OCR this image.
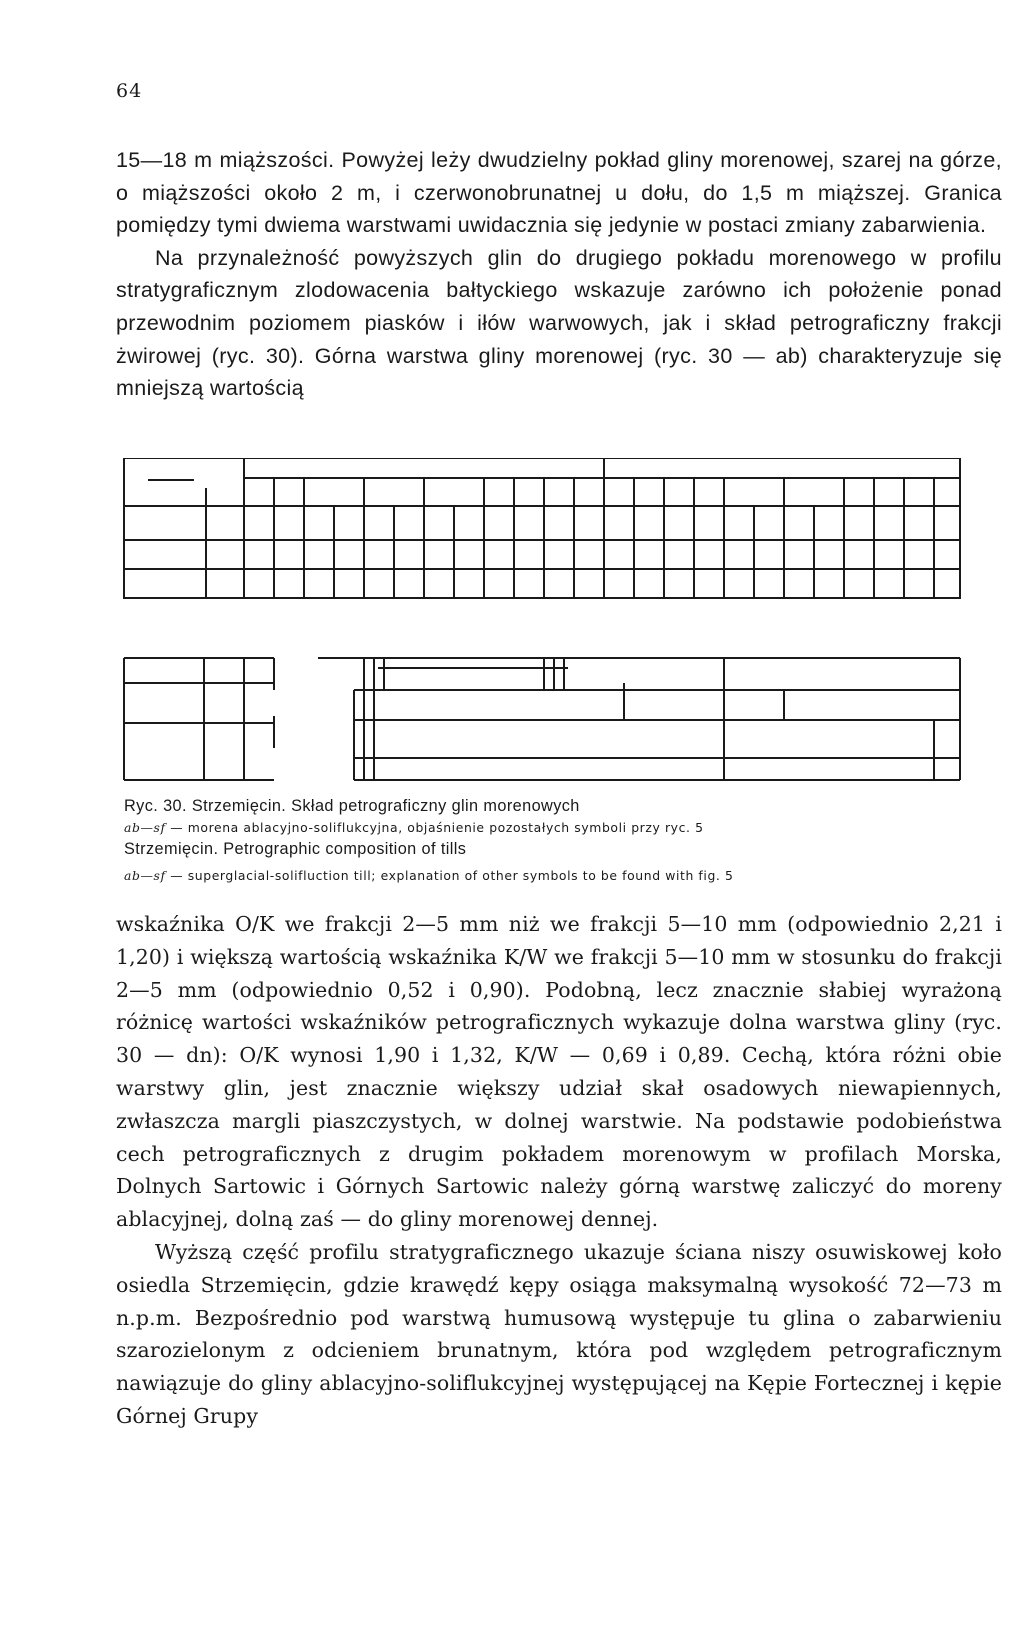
64

15—18 m miąższości. Powyżej leży dwudzielny pokład gliny morenowej, szarej na górze, o miąższości około 2 m, i czerwonobrunatnej u dołu, do 1,5 m miąższej. Granica pomiędzy tymi dwiema warstwami uwidacznia się jedynie w postaci zmiany zabarwienia.

Na przynależność powyższych glin do drugiego pokładu morenowego w profilu stratygraficznym zlodowacenia bałtyckiego wskazuje zarówno ich położenie ponad przewodnim poziomem piasków i iłów warwowych, jak i skład petrograficzny frakcji żwirowej (ryc. 30). Górna warstwa gliny morenowej (ryc. 30 — ab) charakteryzuje się mniejszą wartością

Ryc. 30. Strzemięcin. Skład petrograficzny glin morenowych

ab—sf — morena ablacyjno-soliflukcyjna, objaśnienie pozostałych symboli przy ryc. 5

Strzemięcin. Petrographic composition of tills

ab—sf — superglacial-solifluction till; explanation of other symbols to be found with fig. 5

wskaźnika O/K we frakcji 2—5 mm niż we frakcji 5—10 mm (odpowiednio 2,21 i 1,20) i większą wartością wskaźnika K/W we frakcji 5—10 mm w stosunku do frakcji 2—5 mm (odpowiednio 0,52 i 0,90). Podobną, lecz znacznie słabiej wyrażoną różnicę wartości wskaźników petrograficznych wykazuje dolna warstwa gliny (ryc. 30 — dn): O/K wynosi 1,90 i 1,32, K/W — 0,69 i 0,89. Cechą, która różni obie warstwy glin, jest znacznie większy udział skał osadowych niewapiennych, zwłaszcza margli piaszczystych, w dolnej warstwie. Na podstawie podobieństwa cech petrograficznych z drugim pokładem morenowym w profilach Morska, Dolnych Sartowic i Górnych Sartowic należy górną warstwę zaliczyć do moreny ablacyjnej, dolną zaś — do gliny morenowej dennej.

Wyższą część profilu stratygraficznego ukazuje ściana niszy osuwiskowej koło osiedla Strzemięcin, gdzie krawędź kępy osiąga maksymalną wysokość 72—73 m n.p.m. Bezpośrednio pod warstwą humusową występuje tu glina o zabarwieniu szarozielonym z odcieniem brunatnym, która pod względem petrograficznym nawiązuje do gliny ablacyjno-soliflukcyjnej występującej na Kępie Fortecznej i kępie Górnej Grupy
